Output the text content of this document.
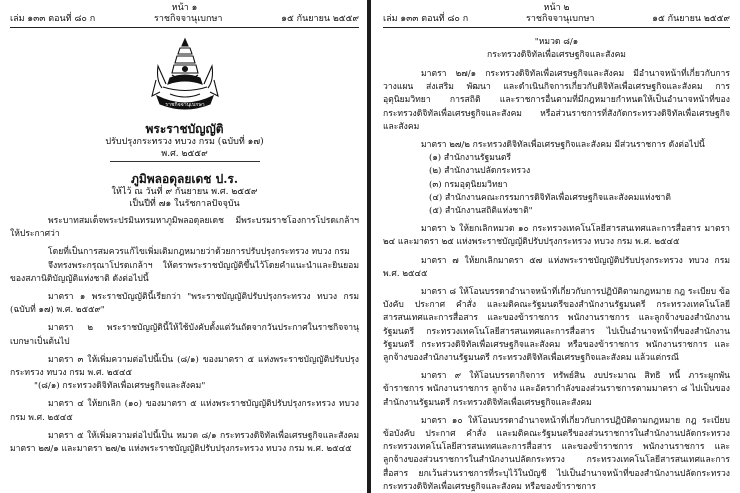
หน้า ๑
เล่ม ๑๓๓ ตอนที่ ๘๐ ก	ราชกิจจานุเบกษา	๑๕ กันยายน ๒๕๕๙
ราชกิจจานุเบกษา
พระราชบัญญัติ
ปรับปรุงกระทรวง ทบวง กรม (ฉบับที่ ๑๗)
พ.ศ. ๒๕๕๙
ภูมิพลอดุลยเดช ป.ร.
ให้ไว้ ณ วันที่ ๙ กันยายน พ.ศ. ๒๕๕๙
เป็นปีที่ ๗๑ ในรัชกาลปัจจุบัน

พระบาทสมเด็จพระปรมินทรมหาภูมิพลอดุลยเดช มีพระบรมราชโองการโปรดเกล้าฯ ให้ประกาศว่า

โดยที่เป็นการสมควรแก้ไขเพิ่มเติมกฎหมายว่าด้วยการปรับปรุงกระทรวง ทบวง กรม

จึงทรงพระกรุณาโปรดเกล้าฯ ให้ตราพระราชบัญญัติขึ้นไว้โดยคำแนะนำและยินยอมของสภานิติบัญญัติแห่งชาติ ดังต่อไปนี้

มาตรา ๑ พระราชบัญญัตินี้เรียกว่า "พระราชบัญญัติปรับปรุงกระทรวง ทบวง กรม (ฉบับที่ ๑๗) พ.ศ. ๒๕๕๙"

มาตรา ๒ พระราชบัญญัตินี้ให้ใช้บังคับตั้งแต่วันถัดจากวันประกาศในราชกิจจานุเบกษาเป็นต้นไป

มาตรา ๓ ให้เพิ่มความต่อไปนี้เป็น (๘/๑) ของมาตรา ๕ แห่งพระราชบัญญัติปรับปรุงกระทรวง ทบวง กรม พ.ศ. ๒๕๔๕

"(๘/๑) กระทรวงดิจิทัลเพื่อเศรษฐกิจและสังคม"

มาตรา ๔ ให้ยกเลิก (๑๐) ของมาตรา ๕ แห่งพระราชบัญญัติปรับปรุงกระทรวง ทบวง กรม พ.ศ. ๒๕๔๕

มาตรา ๕ ให้เพิ่มความต่อไปนี้เป็น หมวด ๘/๑ กระทรวงดิจิทัลเพื่อเศรษฐกิจและสังคม มาตรา ๒๗/๑ และมาตรา ๒๗/๒ แห่งพระราชบัญญัติปรับปรุงกระทรวง ทบวง กรม พ.ศ. ๒๕๔๕

หน้า ๒
เล่ม ๑๓๓ ตอนที่ ๘๐ ก	ราชกิจจานุเบกษา	๑๕ กันยายน ๒๕๕๙
"หมวด ๘/๑
กระทรวงดิจิทัลเพื่อเศรษฐกิจและสังคม

มาตรา ๒๗/๑ กระทรวงดิจิทัลเพื่อเศรษฐกิจและสังคม มีอำนาจหน้าที่เกี่ยวกับการวางแผน ส่งเสริม พัฒนา และดำเนินกิจการเกี่ยวกับดิจิทัลเพื่อเศรษฐกิจและสังคม การอุตุนิยมวิทยา การสถิติ และราชการอื่นตามที่มีกฎหมายกำหนดให้เป็นอำนาจหน้าที่ของกระทรวงดิจิทัลเพื่อเศรษฐกิจและสังคม หรือส่วนราชการที่สังกัดกระทรวงดิจิทัลเพื่อเศรษฐกิจและสังคม

มาตรา ๒๗/๒ กระทรวงดิจิทัลเพื่อเศรษฐกิจและสังคม มีส่วนราชการ ดังต่อไปนี้

(๑) สำนักงานรัฐมนตรี
(๒) สำนักงานปลัดกระทรวง
(๓) กรมอุตุนิยมวิทยา
(๔) สำนักงานคณะกรรมการดิจิทัลเพื่อเศรษฐกิจและสังคมแห่งชาติ
(๕) สำนักงานสถิติแห่งชาติ"

มาตรา ๖ ให้ยกเลิกหมวด ๑๐ กระทรวงเทคโนโลยีสารสนเทศและการสื่อสาร มาตรา ๒๔ และมาตรา ๒๕ แห่งพระราชบัญญัติปรับปรุงกระทรวง ทบวง กรม พ.ศ. ๒๕๔๕

มาตรา ๗ ให้ยกเลิกมาตรา ๕๗ แห่งพระราชบัญญัติปรับปรุงกระทรวง ทบวง กรม พ.ศ. ๒๕๔๕

มาตรา ๘ ให้โอนบรรดาอำนาจหน้าที่เกี่ยวกับการปฏิบัติตามกฎหมาย กฎ ระเบียบ ข้อบังคับ ประกาศ คำสั่ง และมติคณะรัฐมนตรีของสำนักงานรัฐมนตรี กระทรวงเทคโนโลยีสารสนเทศและการสื่อสาร และของข้าราชการ พนักงานราชการ และลูกจ้างของสำนักงานรัฐมนตรี กระทรวงเทคโนโลยีสารสนเทศและการสื่อสาร ไปเป็นอำนาจหน้าที่ของสำนักงานรัฐมนตรี กระทรวงดิจิทัลเพื่อเศรษฐกิจและสังคม หรือของข้าราชการ พนักงานราชการ และลูกจ้างของสำนักงานรัฐมนตรี กระทรวงดิจิทัลเพื่อเศรษฐกิจและสังคม แล้วแต่กรณี

มาตรา ๙ ให้โอนบรรดากิจการ ทรัพย์สิน งบประมาณ สิทธิ หนี้ ภาระผูกพัน ข้าราชการ พนักงานราชการ ลูกจ้าง และอัตรากำลังของส่วนราชการตามมาตรา ๘ ไปเป็นของสำนักงานรัฐมนตรี กระทรวงดิจิทัลเพื่อเศรษฐกิจและสังคม

มาตรา ๑๐ ให้โอนบรรดาอำนาจหน้าที่เกี่ยวกับการปฏิบัติตามกฎหมาย กฎ ระเบียบ ข้อบังคับ ประกาศ คำสั่ง และมติคณะรัฐมนตรีของส่วนราชการในสำนักงานปลัดกระทรวง กระทรวงเทคโนโลยีสารสนเทศและการสื่อสาร และของข้าราชการ พนักงานราชการ และลูกจ้างของส่วนราชการในสำนักงานปลัดกระทรวง กระทรวงเทคโนโลยีสารสนเทศและการสื่อสาร ยกเว้นส่วนราชการที่ระบุไว้ในบัญชี ไปเป็นอำนาจหน้าที่ของสำนักงานปลัดกระทรวง กระทรวงดิจิทัลเพื่อเศรษฐกิจและสังคม หรือของข้าราชการ
